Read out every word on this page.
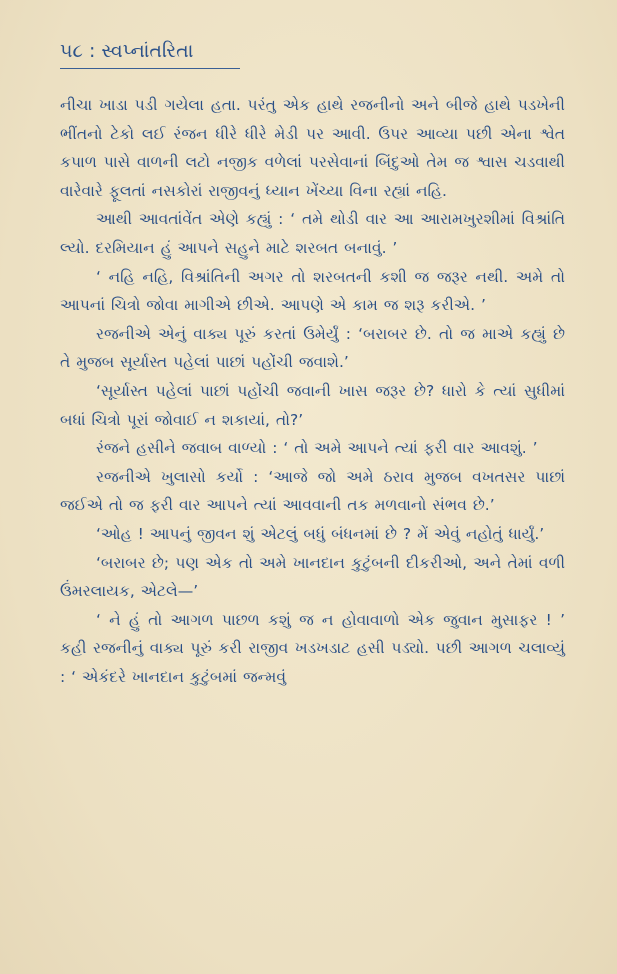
૫૮ : સ્વપ્નાંતરિતા

નીચા ખાડા પડી ગયેલા હતા. પરંતુ એક હાથે રજનીનો અને બીજે હાથે પડખેની ભીંતનો ટેકો લઈ રંજન ધીરે ધીરે મેડી પર આવી. ઉપર આવ્યા પછી એના શ્વેત કપાળ પાસે વાળની લટો નજીક વળેલાં પરસેવાનાં બિંદુઓ તેમ જ શ્વાસ ચડવાથી વારેવારે ફૂલતાં નસકોરાં રાજીવનું ધ્યાન ખેંચ્યા વિના રહ્યાં નહિ.

આથી આવતાંવેંત એણે કહ્યું : ‘ તમે થોડી વાર આ આરામખુરશીમાં વિશ્રાંતિ લ્યો. દરમિયાન હું આપને સહુને માટે શરબત બનાવું. ’

‘ નહિ નહિ, વિશ્રાંતિની અગર તો શરબતની કશી જ જરૂર નથી. અમે તો આપનાં ચિત્રો જોવા માગીએ છીએ. આપણે એ કામ જ શરૂ કરીએ. ’

રજનીએ એનું વાક્ય પૂરું કરતાં ઉમેર્યું : ‘બરાબર છે. તો જ માએ કહ્યું છે તે મુજબ સૂર્યાસ્ત પહેલાં પાછાં પહોંચી જવાશે.’

‘સૂર્યાસ્ત પહેલાં પાછાં પહોંચી જવાની ખાસ જરૂર છે? ધારો કે ત્યાં સુધીમાં બધાં ચિત્રો પૂરાં જોવાઈ ન શકાયાં, તો?’

રંજને હસીને જવાબ વાળ્યો : ‘ તો અમે આપને ત્યાં ફરી વાર આવશું. ’

રજનીએ ખુલાસો કર્યો : ‘આજે જો અમે ઠરાવ મુજબ વખતસર પાછાં જઈએ તો જ ફરી વાર આપને ત્યાં આવવાની તક મળવાનો સંભવ છે.’

‘ઓહ ! આપનું જીવન શું એટલું બધું બંધનમાં છે ? મેં એવું નહોતું ધાર્યું.’

‘બરાબર છે; પણ એક તો અમે ખાનદાન કુટુંબની દીકરીઓ, અને તેમાં વળી ઉંમરલાયક, એટલે—’

‘ ને હું તો આગળ પાછળ કશું જ ન હોવાવાળો એક જુવાન મુસાફર ! ’ કહી રજનીનું વાક્ય પૂરું કરી રાજીવ ખડખડાટ હસી પડ્યો. પછી આગળ ચલાવ્યું : ‘ એકંદરે ખાનદાન કુટુંબમાં જન્મવું
